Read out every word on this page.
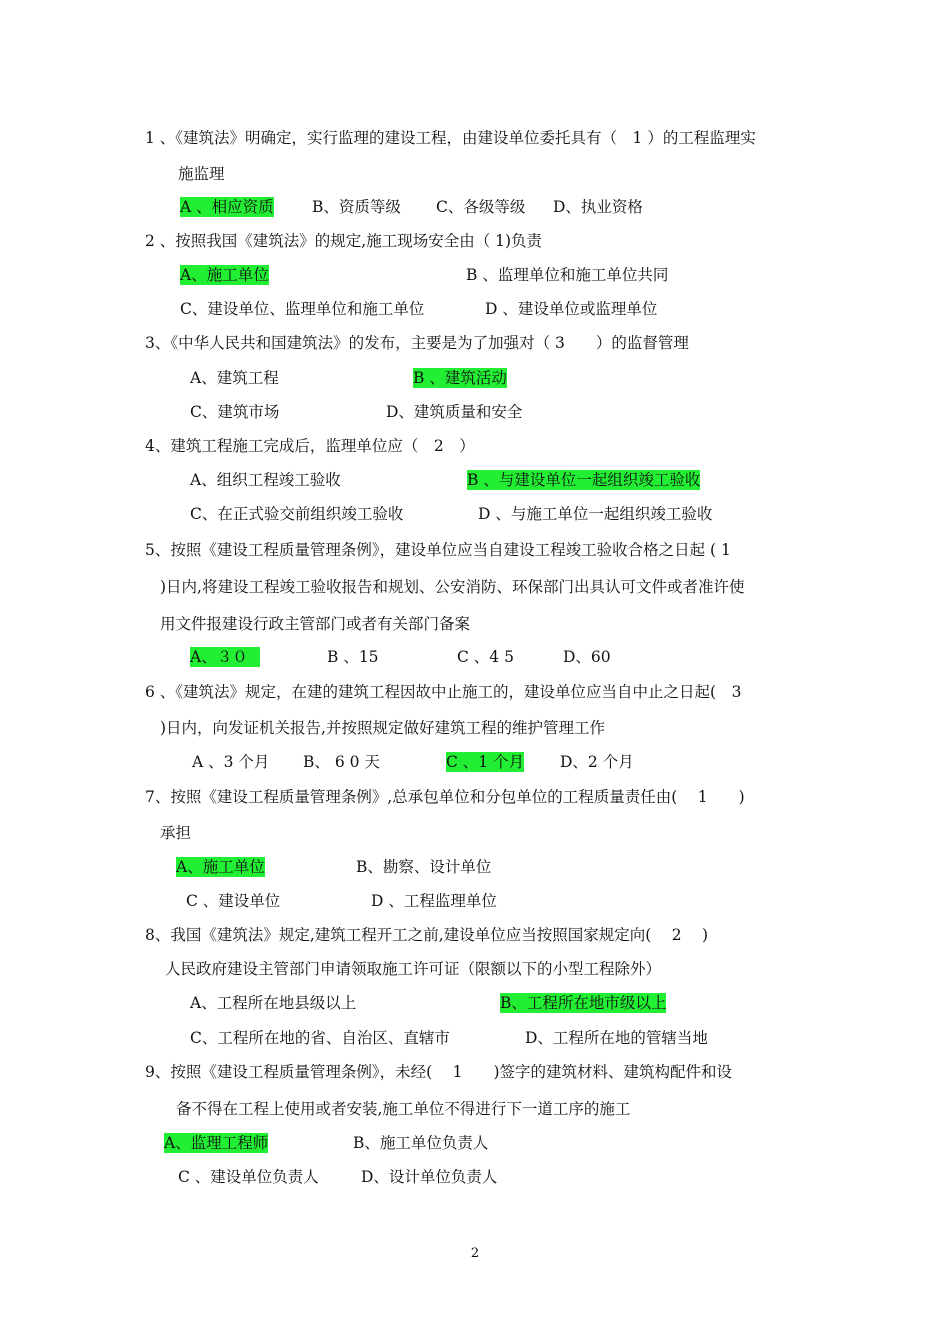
1 、《建筑法》明确定，实行监理的建设工程，由建设单位委托具有（　1 ）的工程监理实
施监理
A 、相应资质 B、资质等级 C、各级等级 D、执业资格
2 、按照我国《建筑法》的规定,施工现场安全由（ 1)负责
A、施工单位	B 、监理单位和施工单位共同
C、建设单位、监理单位和施工单位	D 、建设单位或监理单位
3、《中华人民共和国建筑法》的发布，主要是为了加强对（ 3　　）的监督管理
A、建筑工程	B 、建筑活动
C、建筑市场	D、建筑质量和安全
4、建筑工程施工完成后，监理单位应（　2　）
A、组织工程竣工验收	B 、与建设单位一起组织竣工验收
C、在正式验交前组织竣工验收	D 、与施工单位一起组织竣工验收
5、按照《建设工程质量管理条例》，建设单位应当自建设工程竣工验收合格之日起 ( 1
)日内,将建设工程竣工验收报告和规划、公安消防、环保部门出具认可文件或者准许使
用文件报建设行政主管部门或者有关部门备案
A、３０	B 、15	C 、4 5	D、60
6 、《建筑法》规定，在建的建筑工程因故中止施工的，建设单位应当自中止之日起(　3
)日内，向发证机关报告,并按照规定做好建筑工程的维护管理工作
A 、3 个月 B、 6 0 天	C 、1 个月 D、2 个月
7、按照《建设工程质量管理条例》,总承包单位和分包单位的工程质量责任由(　 1　　)
承担
A、施工单位	B、勘察、设计单位
C 、建设单位	D 、工程监理单位
8、我国《建筑法》规定,建筑工程开工之前,建设单位应当按照国家规定向(　 2　 )
人民政府建设主管部门申请领取施工许可证（限额以下的小型工程除外）
A、工程所在地县级以上	B、工程所在地市级以上
C、工程所在地的省、自治区、直辖市	D、工程所在地的管辖当地
9、按照《建设工程质量管理条例》，未经(　 1　　)签字的建筑材料、建筑构配件和设
备不得在工程上使用或者安装,施工单位不得进行下一道工序的施工
A、监理工程师	B、施工单位负责人
C 、建设单位负责人	D、设计单位负责人
2
